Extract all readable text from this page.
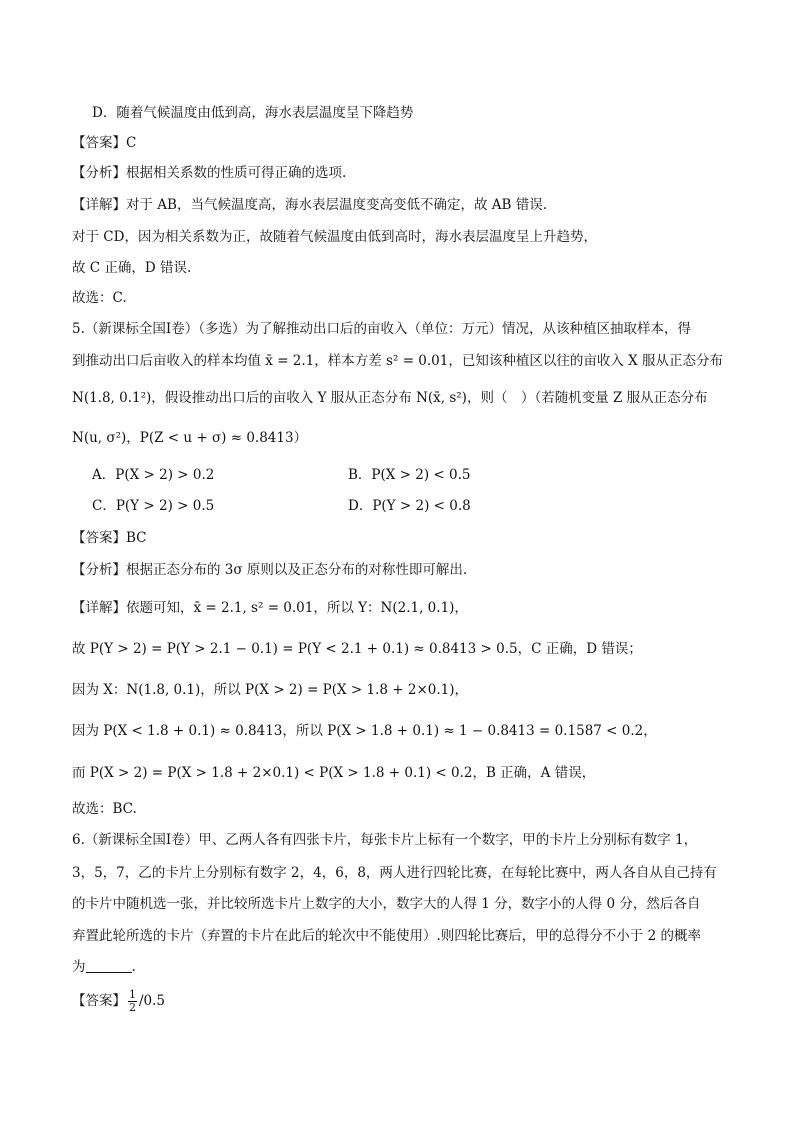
D．随着气候温度由低到高，海水表层温度呈下降趋势
【答案】C
【分析】根据相关系数的性质可得正确的选项.
【详解】对于 AB，当气候温度高，海水表层温度变高变低不确定，故 AB 错误.
对于 CD，因为相关系数为正，故随着气候温度由低到高时，海水表层温度呈上升趋势，
故 C 正确，D 错误.
故选：C.
5.（新课标全国Ⅰ卷）（多选）为了解推动出口后的亩收入（单位：万元）情况，从该种植区抽取样本，得
到推动出口后亩收入的样本均值 x̄ = 2.1，样本方差 s² = 0.01，已知该种植区以往的亩收入 X 服从正态分布
N(1.8, 0.1²)，假设推动出口后的亩收入 Y 服从正态分布 N(x̄, s²)，则（　）（若随机变量 Z 服从正态分布
N(u, σ²)，P(Z < u + σ) ≈ 0.8413）
A．P(X > 2) > 0.2	B．P(X > 2) < 0.5
C．P(Y > 2) > 0.5	D．P(Y > 2) < 0.8
【答案】BC
【分析】根据正态分布的 3σ 原则以及正态分布的对称性即可解出.
【详解】依题可知，x̄ = 2.1, s² = 0.01，所以 Y：N(2.1, 0.1)，
故 P(Y > 2) = P(Y > 2.1 − 0.1) = P(Y < 2.1 + 0.1) ≈ 0.8413 > 0.5，C 正确，D 错误；
因为 X：N(1.8, 0.1)，所以 P(X > 2) = P(X > 1.8 + 2×0.1)，
因为 P(X < 1.8 + 0.1) ≈ 0.8413，所以 P(X > 1.8 + 0.1) ≈ 1 − 0.8413 = 0.1587 < 0.2，
而 P(X > 2) = P(X > 1.8 + 2×0.1) < P(X > 1.8 + 0.1) < 0.2，B 正确，A 错误，
故选：BC.
6.（新课标全国Ⅰ卷）甲、乙两人各有四张卡片，每张卡片上标有一个数字，甲的卡片上分别标有数字 1，
3，5，7，乙的卡片上分别标有数字 2，4，6，8，两人进行四轮比赛，在每轮比赛中，两人各自从自己持有
的卡片中随机选一张，并比较所选卡片上数字的大小，数字大的人得 1 分，数字小的人得 0 分，然后各自
弃置此轮所选的卡片（弃置的卡片在此后的轮次中不能使用）.则四轮比赛后，甲的总得分不小于 2 的概率
为	.
【答案】 $\frac{1}{2} /0.5$
